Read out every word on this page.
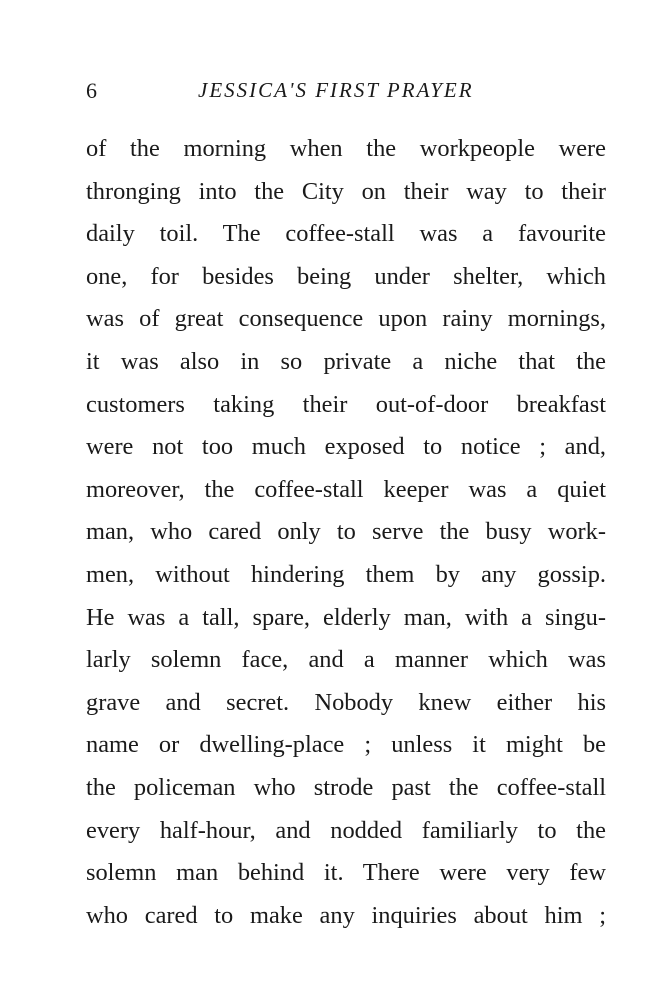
6	JESSICA'S FIRST PRAYER
of the morning when the workpeople were
thronging into the City on their way to their
daily toil. The coffee-stall was a favourite
one, for besides being under shelter, which
was of great consequence upon rainy mornings,
it was also in so private a niche that the
customers taking their out-of-door breakfast
were not too much exposed to notice ; and,
moreover, the coffee-stall keeper was a quiet
man, who cared only to serve the busy work-
men, without hindering them by any gossip.
He was a tall, spare, elderly man, with a singu-
larly solemn face, and a manner which was
grave and secret. Nobody knew either his
name or dwelling-place ; unless it might be
the policeman who strode past the coffee-stall
every half-hour, and nodded familiarly to the
solemn man behind it. There were very few
who cared to make any inquiries about him ;
